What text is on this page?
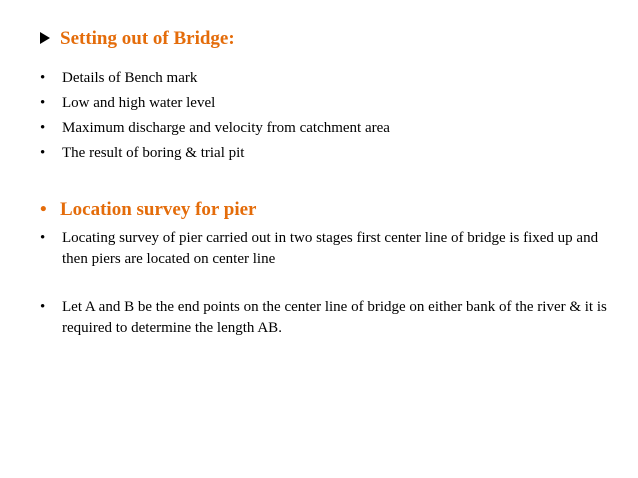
Setting out of Bridge:
• Details of Bench mark
• Low and high water level
• Maximum discharge and velocity from catchment area
• The result of boring & trial pit
• Location survey for pier
• Locating survey of pier carried out in two stages first center line of bridge is fixed up and then piers are located on center line
• Let A and B be the end points on the center line of bridge on either bank of the river & it is required to determine the length AB.
